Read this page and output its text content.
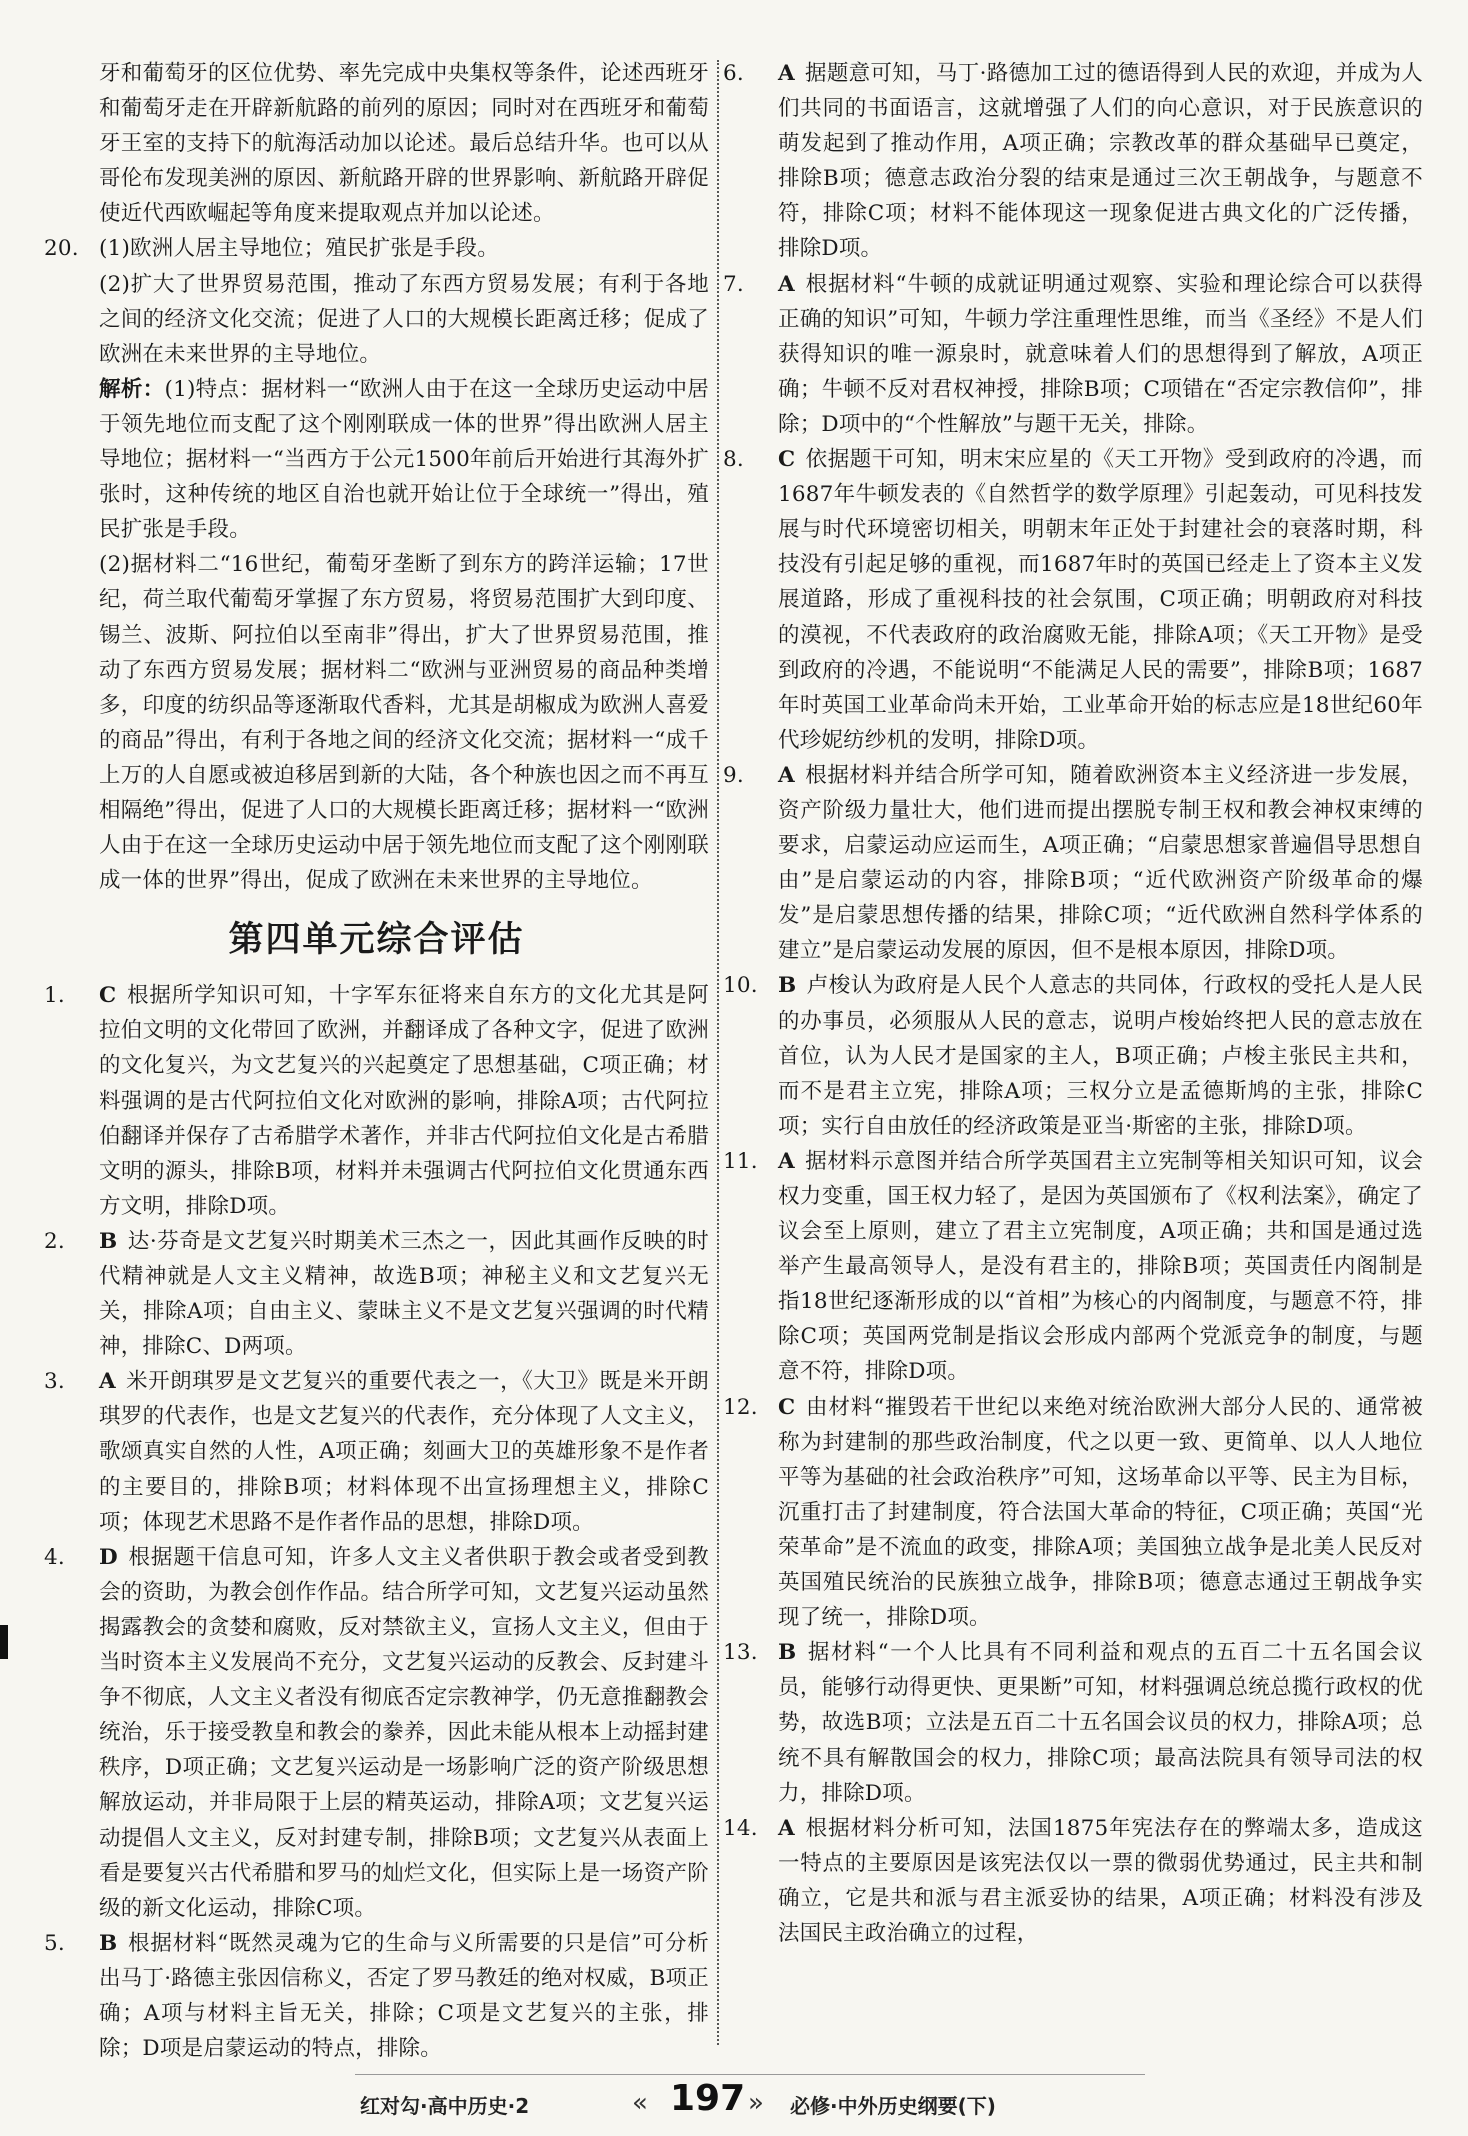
牙和葡萄牙的区位优势、率先完成中央集权等条件，论述西班牙和葡萄牙走在开辟新航路的前列的原因；同时对在西班牙和葡萄牙王室的支持下的航海活动加以论述。最后总结升华。也可以从哥伦布发现美洲的原因、新航路开辟的世界影响、新航路开辟促使近代西欧崛起等角度来提取观点并加以论述。
20. (1)欧洲人居主导地位；殖民扩张是手段。
(2)扩大了世界贸易范围，推动了东西方贸易发展；有利于各地之间的经济文化交流；促进了人口的大规模长距离迁移；促成了欧洲在未来世界的主导地位。
解析：(1)特点：据材料一“欧洲人由于在这一全球历史运动中居于领先地位而支配了这个刚刚联成一体的世界”得出欧洲人居主导地位；据材料一“当西方于公元1500年前后开始进行其海外扩张时，这种传统的地区自治也就开始让位于全球统一”得出，殖民扩张是手段。
(2)据材料二“16世纪，葡萄牙垄断了到东方的跨洋运输；17世纪，荷兰取代葡萄牙掌握了东方贸易，将贸易范围扩大到印度、锡兰、波斯、阿拉伯以至南非”得出，扩大了世界贸易范围，推动了东西方贸易发展；据材料二“欧洲与亚洲贸易的商品种类增多，印度的纺织品等逐渐取代香料，尤其是胡椒成为欧洲人喜爱的商品”得出，有利于各地之间的经济文化交流；据材料一“成千上万的人自愿或被迫移居到新的大陆，各个种族也因之而不再互相隔绝”得出，促进了人口的大规模长距离迁移；据材料一“欧洲人由于在这一全球历史运动中居于领先地位而支配了这个刚刚联成一体的世界”得出，促成了欧洲在未来世界的主导地位。
第四单元综合评估
1. C 根据所学知识可知，十字军东征将来自东方的文化尤其是阿拉伯文明的文化带回了欧洲，并翻译成了各种文字，促进了欧洲的文化复兴，为文艺复兴的兴起奠定了思想基础，C项正确；材料强调的是古代阿拉伯文化对欧洲的影响，排除A项；古代阿拉伯翻译并保存了古希腊学术著作，并非古代阿拉伯文化是古希腊文明的源头，排除B项，材料并未强调古代阿拉伯文化贯通东西方文明，排除D项。
2. B 达·芬奇是文艺复兴时期美术三杰之一，因此其画作反映的时代精神就是人文主义精神，故选B项；神秘主义和文艺复兴无关，排除A项；自由主义、蒙昧主义不是文艺复兴强调的时代精神，排除C、D两项。
3. A 米开朗琪罗是文艺复兴的重要代表之一，《大卫》既是米开朗琪罗的代表作，也是文艺复兴的代表作，充分体现了人文主义，歌颂真实自然的人性，A项正确；刻画大卫的英雄形象不是作者的主要目的，排除B项；材料体现不出宣扬理想主义，排除C项；体现艺术思路不是作者作品的思想，排除D项。
4. D 根据题干信息可知，许多人文主义者供职于教会或者受到教会的资助，为教会创作作品。结合所学可知，文艺复兴运动虽然揭露教会的贪婪和腐败，反对禁欲主义，宣扬人文主义，但由于当时资本主义发展尚不充分，文艺复兴运动的反教会、反封建斗争不彻底，人文主义者没有彻底否定宗教神学，仍无意推翻教会统治，乐于接受教皇和教会的豢养，因此未能从根本上动摇封建秩序，D项正确；文艺复兴运动是一场影响广泛的资产阶级思想解放运动，并非局限于上层的精英运动，排除A项；文艺复兴运动提倡人文主义，反对封建专制，排除B项；文艺复兴从表面上看是要复兴古代希腊和罗马的灿烂文化，但实际上是一场资产阶级的新文化运动，排除C项。
5. B 根据材料“既然灵魂为它的生命与义所需要的只是信”可分析出马丁·路德主张因信称义，否定了罗马教廷的绝对权威，B项正确；A项与材料主旨无关，排除；C项是文艺复兴的主张，排除；D项是启蒙运动的特点，排除。
6. A 据题意可知，马丁·路德加工过的德语得到人民的欢迎，并成为人们共同的书面语言，这就增强了人们的向心意识，对于民族意识的萌发起到了推动作用，A项正确；宗教改革的群众基础早已奠定，排除B项；德意志政治分裂的结束是通过三次王朝战争，与题意不符，排除C项；材料不能体现这一现象促进古典文化的广泛传播，排除D项。
7. A 根据材料“牛顿的成就证明通过观察、实验和理论综合可以获得正确的知识”可知，牛顿力学注重理性思维，而当《圣经》不是人们获得知识的唯一源泉时，就意味着人们的思想得到了解放，A项正确；牛顿不反对君权神授，排除B项；C项错在“否定宗教信仰”，排除；D项中的“个性解放”与题干无关，排除。
8. C 依据题干可知，明末宋应星的《天工开物》受到政府的冷遇，而1687年牛顿发表的《自然哲学的数学原理》引起轰动，可见科技发展与时代环境密切相关，明朝末年正处于封建社会的衰落时期，科技没有引起足够的重视，而1687年时的英国已经走上了资本主义发展道路，形成了重视科技的社会氛围，C项正确；明朝政府对科技的漠视，不代表政府的政治腐败无能，排除A项；《天工开物》是受到政府的冷遇，不能说明“不能满足人民的需要”，排除B项；1687年时英国工业革命尚未开始，工业革命开始的标志应是18世纪60年代珍妮纺纱机的发明，排除D项。
9. A 根据材料并结合所学可知，随着欧洲资本主义经济进一步发展，资产阶级力量壮大，他们进而提出摆脱专制王权和教会神权束缚的要求，启蒙运动应运而生，A项正确；“启蒙思想家普遍倡导思想自由”是启蒙运动的内容，排除B项；“近代欧洲资产阶级革命的爆发”是启蒙思想传播的结果，排除C项；“近代欧洲自然科学体系的建立”是启蒙运动发展的原因，但不是根本原因，排除D项。
10. B 卢梭认为政府是人民个人意志的共同体，行政权的受托人是人民的办事员，必须服从人民的意志，说明卢梭始终把人民的意志放在首位，认为人民才是国家的主人，B项正确；卢梭主张民主共和，而不是君主立宪，排除A项；三权分立是孟德斯鸠的主张，排除C项；实行自由放任的经济政策是亚当·斯密的主张，排除D项。
11. A 据材料示意图并结合所学英国君主立宪制等相关知识可知，议会权力变重，国王权力轻了，是因为英国颁布了《权利法案》，确定了议会至上原则，建立了君主立宪制度，A项正确；共和国是通过选举产生最高领导人，是没有君主的，排除B项；英国责任内阁制是指18世纪逐渐形成的以“首相”为核心的内阁制度，与题意不符，排除C项；英国两党制是指议会形成内部两个党派竞争的制度，与题意不符，排除D项。
12. C 由材料“摧毁若干世纪以来绝对统治欧洲大部分人民的、通常被称为封建制的那些政治制度，代之以更一致、更简单、以人人地位平等为基础的社会政治秩序”可知，这场革命以平等、民主为目标，沉重打击了封建制度，符合法国大革命的特征，C项正确；英国“光荣革命”是不流血的政变，排除A项；美国独立战争是北美人民反对英国殖民统治的民族独立战争，排除B项；德意志通过王朝战争实现了统一，排除D项。
13. B 据材料“一个人比具有不同利益和观点的五百二十五名国会议员，能够行动得更快、更果断”可知，材料强调总统总揽行政权的优势，故选B项；立法是五百二十五名国会议员的权力，排除A项；总统不具有解散国会的权力，排除C项；最高法院具有领导司法的权力，排除D项。
14. A 根据材料分析可知，法国1875年宪法存在的弊端太多，造成这一特点的主要原因是该宪法仅以一票的微弱优势通过，民主共和制确立，它是共和派与君主派妥协的结果，A项正确；材料没有涉及法国民主政治确立的过程，
红对勾·高中历史·2	« 197 » 必修·中外历史纲要(下)
